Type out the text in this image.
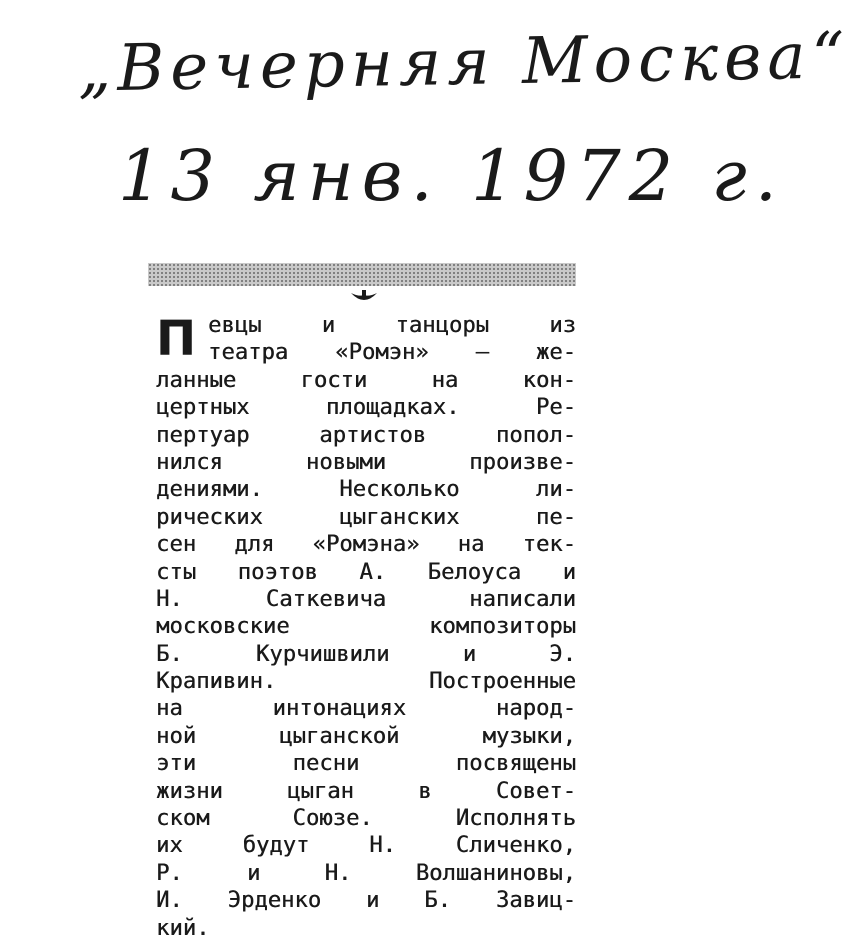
„Вечерняя Москва“
13 янв. 1972 г.
П евцы и танцоры из
театра «Ромэн» — же-
ланные гости на кон-
цертных площадках. Ре-
пертуар артистов попол-
нился новыми произве-
дениями. Несколько ли-
рических цыганских пе-
сен для «Ромэна» на тек-
сты поэтов А. Белоуса и
Н. Саткевича написали
московские композиторы
Б. Курчишвили и Э.
Крапивин. Построенные
на интонациях народ-
ной цыганской музыки,
эти песни посвящены
жизни цыган в Совет-
ском Союзе. Исполнять
их будут Н. Сличенко,
Р. и Н. Волшаниновы,
И. Эрденко и Б. Завиц-
кий.
